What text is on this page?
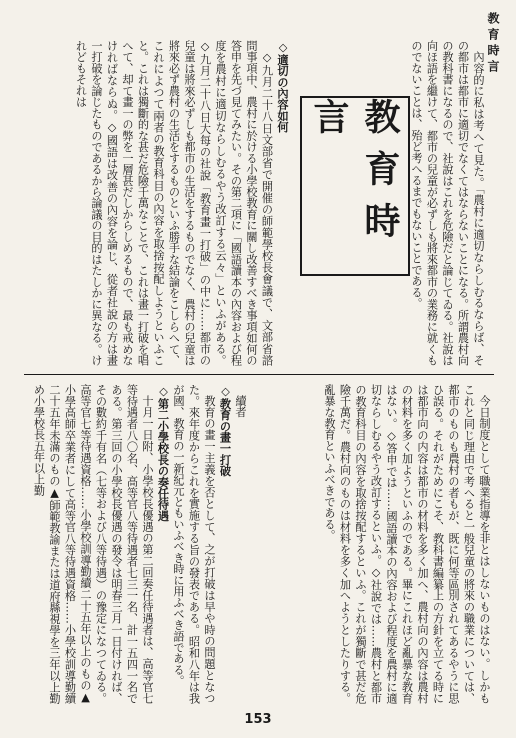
教育時言

內容的に私は考へて見た。「農村に適切ならしむるならば、その都市は都市に適切でなくてはならないことになる。所謂農村向の教科書になるので、社說はこれを危險だと論じてゐる。社說は向ほ語を繼けて、都市の兒童が必ずしも將來都市の業務に就くものでないことは、殆ど考へるまでもないことである。

教育時言

◇適切の內容如何

◇九月二十八日文部省で開催の師範學校長會議で、文部省諮問事項中、農村に於ける小學校教育に關し改善すべき事項如何の答申を先づ見てみたい。その第二項に「國語讀本の內容および程度を農村に適切ならしむるやう改訂する云々」といふがある。◇九月二十八日大每の社說「教育畫一打破」の中に……都市の兒童は將來必ずしも都市の生活をするものでなく、農村の兒童は將來必ず農村の生活をするものといふ勝手な結論をこしらへて、これによつて兩者の教育科目の內容を取捨按配しようといふこと。これは獨斷的な甚だ危險千萬なことで、これは畫一打破を唱へて、却て畫一の弊を一層甚だしからしめるもので、最も戒めなければならぬ。◇國語は改善の內容を論じ、從者社說の方は畫一打破を論じたものであるから論議の目的はたしかに異なる。けれどもそれは

今日制度として職業指導を非とはしないものはない。しかもこれと同じ理由で考へると一般兒童の將來の職業については、都市のものも農村の者もが、既に何等區別されてあるやうに思ひ誤る。それがためにこそ、教科書編纂上の方針を立てる時には都市向の内容は都市の材料を多く加へ、農村向の內容は農村の材料を多く加ようといふのである。畢にこれほど亂暴な教育はない。◇答申では……國語讀本の內容および程度を農村に適切ならしむるやう改訂するといふ。◇社說では……農村と都市の教育科目の內容を取捨按配するといふ。これが獨斷で甚だ危險千萬だ。農村向のものは材料を多く加へようとしたりする。亂暴な教育といふべきである。

續者

◇教育の畫一打破

教育の畫一主義を否として、之が打破は早や時の問題となつた。來年度からこれを實施する旨の發表である。昭和八年は我が國、教育の一新紀元ともいふべき時に用ふべき語である。

◇第二小學校長の奏任待遇

十月一日附、小學校長優遇の第二回奏任待遇者は、高等官七等待遇者八〇名、高等官八等待遇者七三一名、計一五四一名である。第三回の小學校長優遇の發令は明春三月一日付ければ、その數約千有名（七等および八等待遇）の豫定になつてゐる。高等官七等待遇資格……小學校訓導勤續二十五年以上のもの▲小學高師卒業者にして高等官八等待遇資格……小學校訓導勤續二十五年未滿のもの▲師範教諭または道府縣視學を三年以上勤め小學校長五年以上勤

153
